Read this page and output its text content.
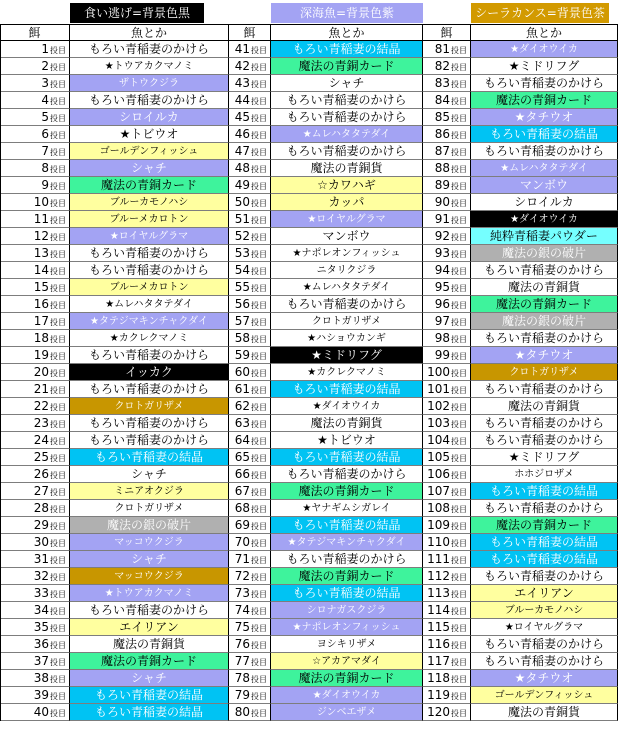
食い逃げ=背景色黒
餌	魚とか
1投目	もろい青稲妻のかけら
2投目	★トウアカクマノミ
3投目	ザトウクジラ
4投目	もろい青稲妻のかけら
5投目	シロイルカ
6投目	★トビウオ
7投目	ゴールデンフィッシュ
8投目	シャチ
9投目	魔法の青銅カード
10投目	ブルーカモノハシ
11投目	ブルーメカロトン
12投目	★ロイヤルグラマ
13投目	もろい青稲妻のかけら
14投目	もろい青稲妻のかけら
15投目	ブルーメカロトン
16投目	★ムレハタタテダイ
17投目	★タテジマキンチャクダイ
18投目	★カクレクマノミ
19投目	もろい青稲妻のかけら
20投目	イッカク
21投目	もろい青稲妻のかけら
22投目	クロトガリザメ
23投目	もろい青稲妻のかけら
24投目	もろい青稲妻のかけら
25投目	もろい青稲妻の結晶
26投目	シャチ
27投目	ミニアオクジラ
28投目	クロトガリザメ
29投目	魔法の銀の破片
30投目	マッコウクジラ
31投目	シャチ
32投目	マッコウクジラ
33投目	★トウアカクマノミ
34投目	もろい青稲妻のかけら
35投目	エイリアン
36投目	魔法の青銅貨
37投目	魔法の青銅カード
38投目	シャチ
39投目	もろい青稲妻の結晶
40投目	もろい青稲妻の結晶
深海魚=背景色紫
餌	魚とか
41投目	もろい青稲妻の結晶
42投目	魔法の青銅カード
43投目	シャチ
44投目	もろい青稲妻のかけら
45投目	もろい青稲妻のかけら
46投目	★ムレハタタテダイ
47投目	もろい青稲妻のかけら
48投目	魔法の青銅貨
49投目	☆カワハギ
50投目	カッパ
51投目	★ロイヤルグラマ
52投目	マンボウ
53投目	★ナポレオンフィッシュ
54投目	ニタリクジラ
55投目	★ムレハタタテダイ
56投目	もろい青稲妻のかけら
57投目	クロトガリザメ
58投目	★ハショウカンギ
59投目	★ミドリフグ
60投目	★カクレクマノミ
61投目	もろい青稲妻の結晶
62投目	★ダイオウイカ
63投目	魔法の青銅貨
64投目	★トビウオ
65投目	もろい青稲妻の結晶
66投目	もろい青稲妻のかけら
67投目	魔法の青銅カード
68投目	★ヤナギムシガレイ
69投目	もろい青稲妻の結晶
70投目	★タテジマキンチャクダイ
71投目	もろい青稲妻のかけら
72投目	魔法の青銅カード
73投目	もろい青稲妻の結晶
74投目	シロナガスクジラ
75投目	★ナポレオンフィッシュ
76投目	ヨシキリザメ
77投目	☆アカアマダイ
78投目	魔法の青銅カード
79投目	★ダイオウイカ
80投目	ジンベエザメ
シーラカンス=背景色茶
餌	魚とか
81投目	★ダイオウイカ
82投目	★ミドリフグ
83投目	もろい青稲妻のかけら
84投目	魔法の青銅カード
85投目	★タチウオ
86投目	もろい青稲妻の結晶
87投目	もろい青稲妻のかけら
88投目	★ムレハタタテダイ
89投目	マンボウ
90投目	シロイルカ
91投目	★ダイオウイカ
92投目	純粋青稲妻パウダー
93投目	魔法の銀の破片
94投目	もろい青稲妻のかけら
95投目	魔法の青銅貨
96投目	魔法の青銅カード
97投目	魔法の銀の破片
98投目	もろい青稲妻のかけら
99投目	★タチウオ
100投目	クロトガリザメ
101投目	もろい青稲妻のかけら
102投目	魔法の青銅貨
103投目	もろい青稲妻のかけら
104投目	もろい青稲妻のかけら
105投目	★ミドリフグ
106投目	ホホジロザメ
107投目	もろい青稲妻の結晶
108投目	もろい青稲妻のかけら
109投目	魔法の青銅カード
110投目	もろい青稲妻の結晶
111投目	もろい青稲妻の結晶
112投目	もろい青稲妻のかけら
113投目	エイリアン
114投目	ブルーカモノハシ
115投目	★ロイヤルグラマ
116投目	もろい青稲妻のかけら
117投目	もろい青稲妻のかけら
118投目	★タチウオ
119投目	ゴールデンフィッシュ
120投目	魔法の青銅貨
